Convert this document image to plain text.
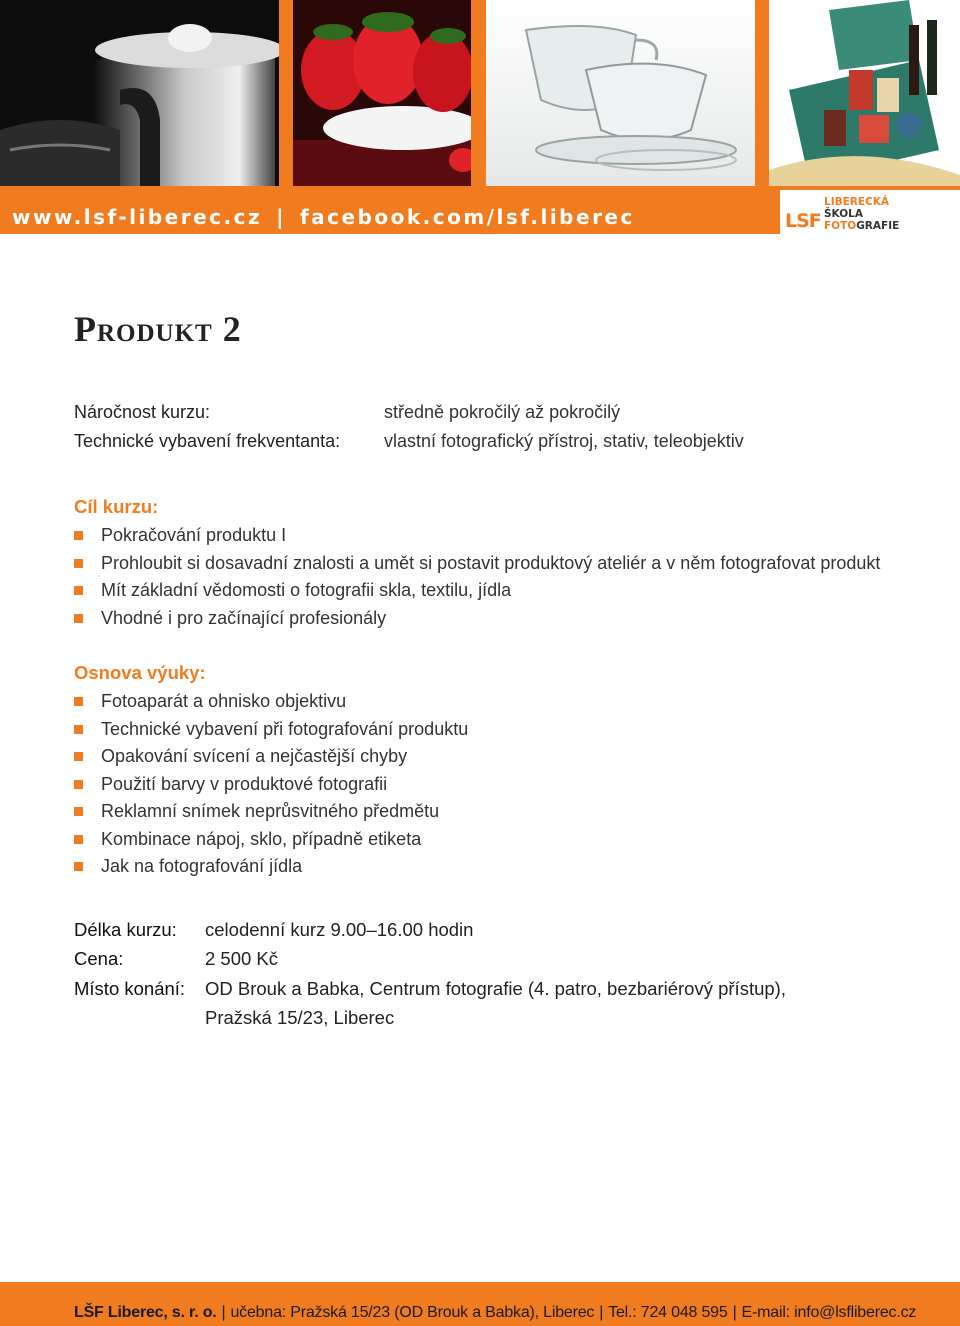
www.lsf-liberec.cz | facebook.com/lsf.liberec	LSF
LIBERECKÁ
ŠKOLA
FOTOGRAFIE
Produkt 2
Náročnost kurzu:	středně pokročilý až pokročilý
Technické vybavení frekventanta:	vlastní fotografický přístroj, stativ, teleobjektiv
Cíl kurzu:
Pokračování produktu I
Prohloubit si dosavadní znalosti a umět si postavit produktový ateliér a v něm fotografovat produkt
Mít základní vědomosti o fotografii skla, textilu, jídla
Vhodné i pro začínající profesionály
Osnova výuky:
Fotoaparát a ohnisko objektivu
Technické vybavení při fotografování produktu
Opakování svícení a nejčastější chyby
Použití barvy v produktové fotografii
Reklamní snímek neprůsvitného předmětu
Kombinace nápoj, sklo, případně etiketa
Jak na fotografování jídla
Délka kurzu:	celodenní kurz 9.00–16.00 hodin
Cena:	2 500 Kč
Místo konání:	OD Brouk a Babka, Centrum fotografie (4. patro, bezbariérový přístup),
Pražská 15/23, Liberec
LŠF Liberec, s. r. o. | učebna: Pražská 15/23 (OD Brouk a Babka), Liberec | Tel.: 724 048 595 | E-mail: info@lsfliberec.cz
